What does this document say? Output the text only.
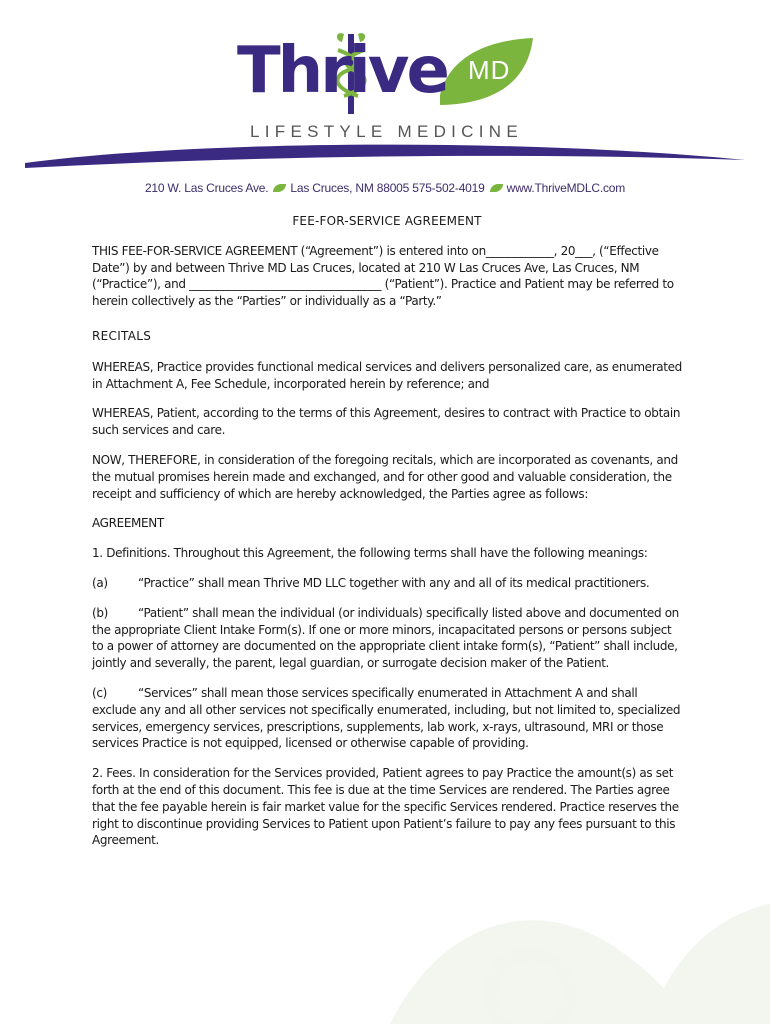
Thrive MD
LIFESTYLE MEDICINE
210 W. Las Cruces Ave. Las Cruces, NM 88005 575-502-4019 www.ThriveMDLC.com

FEE-FOR-SERVICE AGREEMENT

THIS FEE-FOR-SERVICE AGREEMENT (“Agreement”) is entered into on____________, 20___, (“Effective Date”) by and between Thrive MD Las Cruces, located at 210 W Las Cruces Ave, Las Cruces, NM (“Practice”), and __________________________________ (“Patient”). Practice and Patient may be referred to herein collectively as the “Parties” or individually as a “Party.”

RECITALS

WHEREAS, Practice provides functional medical services and delivers personalized care, as enumerated in Attachment A, Fee Schedule, incorporated herein by reference; and

WHEREAS, Patient, according to the terms of this Agreement, desires to contract with Practice to obtain such services and care.

NOW, THEREFORE, in consideration of the foregoing recitals, which are incorporated as covenants, and the mutual promises herein made and exchanged, and for other good and valuable consideration, the receipt and sufficiency of which are hereby acknowledged, the Parties agree as follows:

AGREEMENT

1. Definitions. Throughout this Agreement, the following terms shall have the following meanings:

(a)	“Practice” shall mean Thrive MD LLC together with any and all of its medical practitioners.

(b)	“Patient” shall mean the individual (or individuals) specifically listed above and documented on the appropriate Client Intake Form(s). If one or more minors, incapacitated persons or persons subject to a power of attorney are documented on the appropriate client intake form(s), “Patient” shall include, jointly and severally, the parent, legal guardian, or surrogate decision maker of the Patient.

(c)	“Services” shall mean those services specifically enumerated in Attachment A and shall exclude any and all other services not specifically enumerated, including, but not limited to, specialized services, emergency services, prescriptions, supplements, lab work, x-rays, ultrasound, MRI or those services Practice is not equipped, licensed or otherwise capable of providing.

2. Fees. In consideration for the Services provided, Patient agrees to pay Practice the amount(s) as set forth at the end of this document. This fee is due at the time Services are rendered. The Parties agree that the fee payable herein is fair market value for the specific Services rendered. Practice reserves the right to discontinue providing Services to Patient upon Patient’s failure to pay any fees pursuant to this Agreement.
